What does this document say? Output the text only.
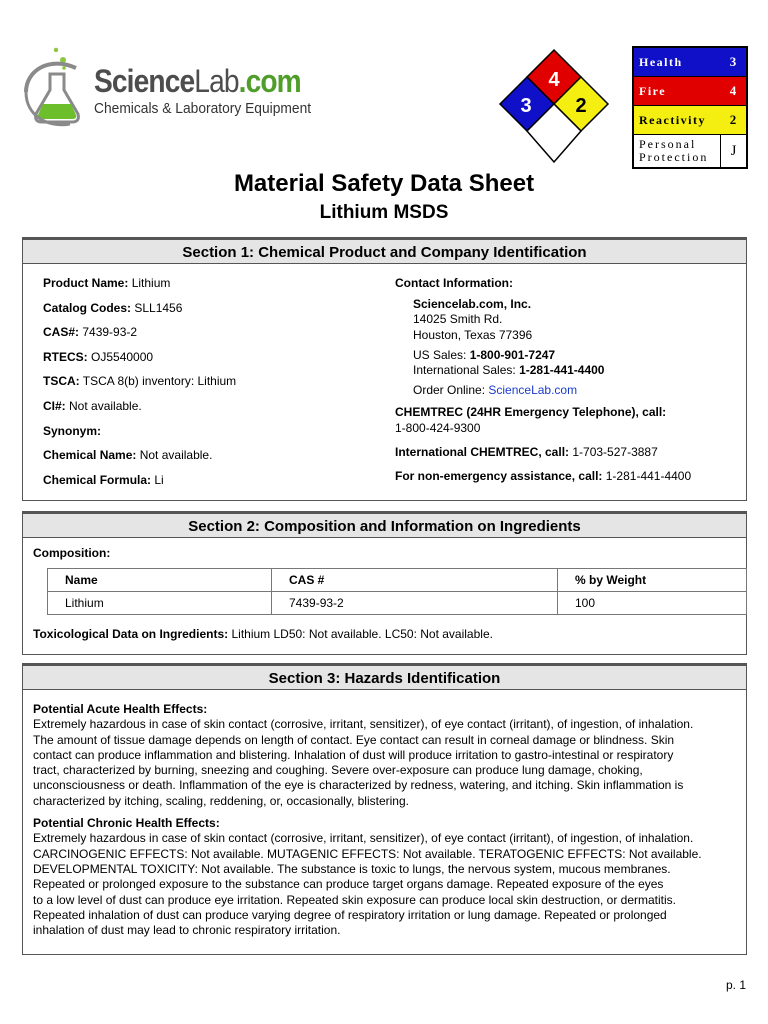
ScienceLab.com
Chemicals & Laboratory Equipment
4
3 2
Health	3
Fire	4
Reactivity	2
Personal
Protection	J
Material Safety Data Sheet
Lithium MSDS
Section 1: Chemical Product and Company Identification
Product Name: Lithium
Catalog Codes: SLL1456
CAS#: 7439-93-2
RTECS: OJ5540000
TSCA: TSCA 8(b) inventory: Lithium
CI#: Not available.
Synonym:
Chemical Name: Not available.
Chemical Formula: Li
Contact Information:
Sciencelab.com, Inc.
14025 Smith Rd.
Houston, Texas 77396
US Sales: 1-800-901-7247
International Sales: 1-281-441-4400
Order Online: ScienceLab.com
CHEMTREC (24HR Emergency Telephone), call:
1-800-424-9300
International CHEMTREC, call: 1-703-527-3887
For non-emergency assistance, call: 1-281-441-4400
Section 2: Composition and Information on Ingredients
Composition:
Name	CAS #	% by Weight
Lithium	7439-93-2	100
Toxicological Data on Ingredients: Lithium LD50: Not available. LC50: Not available.
Section 3: Hazards Identification
Potential Acute Health Effects:
Extremely hazardous in case of skin contact (corrosive, irritant, sensitizer), of eye contact (irritant), of ingestion, of inhalation.
The amount of tissue damage depends on length of contact. Eye contact can result in corneal damage or blindness. Skin
contact can produce inflammation and blistering. Inhalation of dust will produce irritation to gastro-intestinal or respiratory
tract, characterized by burning, sneezing and coughing. Severe over-exposure can produce lung damage, choking,
unconsciousness or death. Inflammation of the eye is characterized by redness, watering, and itching. Skin inflammation is
characterized by itching, scaling, reddening, or, occasionally, blistering.
Potential Chronic Health Effects:
Extremely hazardous in case of skin contact (corrosive, irritant, sensitizer), of eye contact (irritant), of ingestion, of inhalation.
CARCINOGENIC EFFECTS: Not available. MUTAGENIC EFFECTS: Not available. TERATOGENIC EFFECTS: Not available.
DEVELOPMENTAL TOXICITY: Not available. The substance is toxic to lungs, the nervous system, mucous membranes.
Repeated or prolonged exposure to the substance can produce target organs damage. Repeated exposure of the eyes
to a low level of dust can produce eye irritation. Repeated skin exposure can produce local skin destruction, or dermatitis.
Repeated inhalation of dust can produce varying degree of respiratory irritation or lung damage. Repeated or prolonged
inhalation of dust may lead to chronic respiratory irritation.
p. 1
